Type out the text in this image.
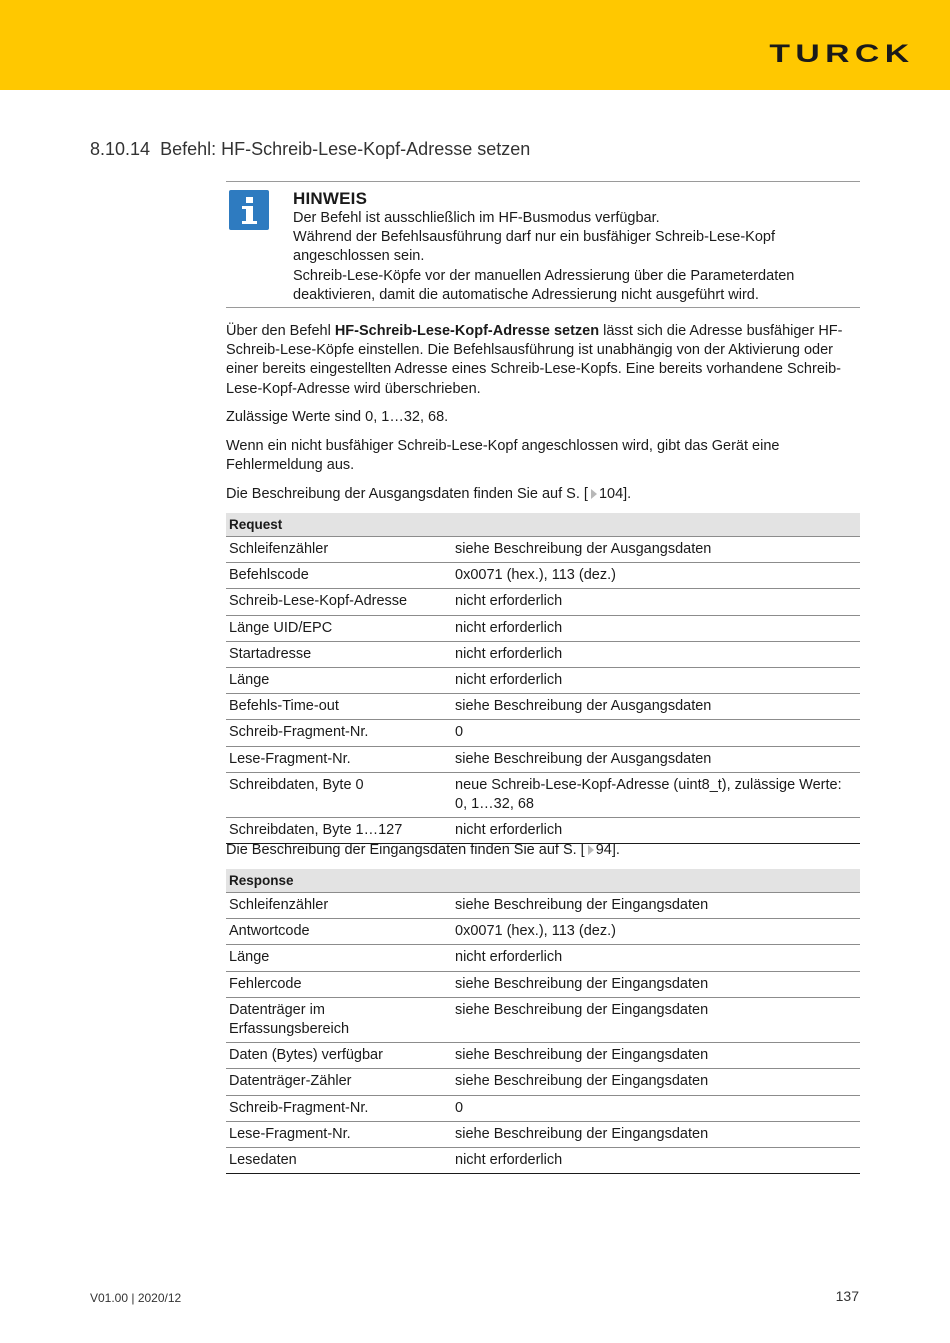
TURCK
8.10.14 Befehl: HF-Schreib-Lese-Kopf-Adresse setzen
HINWEIS
Der Befehl ist ausschließlich im HF-Busmodus verfügbar.
Während der Befehlsausführung darf nur ein busfähiger Schreib-Lese-Kopf angeschlossen sein.
Schreib-Lese-Köpfe vor der manuellen Adressierung über die Parameterdaten deaktivieren, damit die automatische Adressierung nicht ausgeführt wird.

Über den Befehl HF-Schreib-Lese-Kopf-Adresse setzen lässt sich die Adresse busfähiger HF-Schreib-Lese-Köpfe einstellen. Die Befehlsausführung ist unabhängig von der Aktivierung oder einer bereits eingestellten Adresse eines Schreib-Lese-Kopfs. Eine bereits vorhandene Schreib-Lese-Kopf-Adresse wird überschrieben.

Zulässige Werte sind 0, 1…32, 68.

Wenn ein nicht busfähiger Schreib-Lese-Kopf angeschlossen wird, gibt das Gerät eine Fehlermeldung aus.

Die Beschreibung der Ausgangsdaten finden Sie auf S. [ 104].

Request	
Schleifenzähler	siehe Beschreibung der Ausgangsdaten
Befehlscode	0x0071 (hex.), 113 (dez.)
Schreib-Lese-Kopf-Adresse	nicht erforderlich
Länge UID/EPC	nicht erforderlich
Startadresse	nicht erforderlich
Länge	nicht erforderlich
Befehls-Time-out	siehe Beschreibung der Ausgangsdaten
Schreib-Fragment-Nr.	0
Lese-Fragment-Nr.	siehe Beschreibung der Ausgangsdaten
Schreibdaten, Byte 0	neue Schreib-Lese-Kopf-Adresse (uint8_t), zulässige Werte: 0, 1…32, 68
Schreibdaten, Byte 1…127	nicht erforderlich

Die Beschreibung der Eingangsdaten finden Sie auf S. [ 94].

Response	
Schleifenzähler	siehe Beschreibung der Eingangsdaten
Antwortcode	0x0071 (hex.), 113 (dez.)
Länge	nicht erforderlich
Fehlercode	siehe Beschreibung der Eingangsdaten
Datenträger im Erfassungsbereich	siehe Beschreibung der Eingangsdaten
Daten (Bytes) verfügbar	siehe Beschreibung der Eingangsdaten
Datenträger-Zähler	siehe Beschreibung der Eingangsdaten
Schreib-Fragment-Nr.	0
Lese-Fragment-Nr.	siehe Beschreibung der Eingangsdaten
Lesedaten	nicht erforderlich
V01.00 | 2020/12	137
